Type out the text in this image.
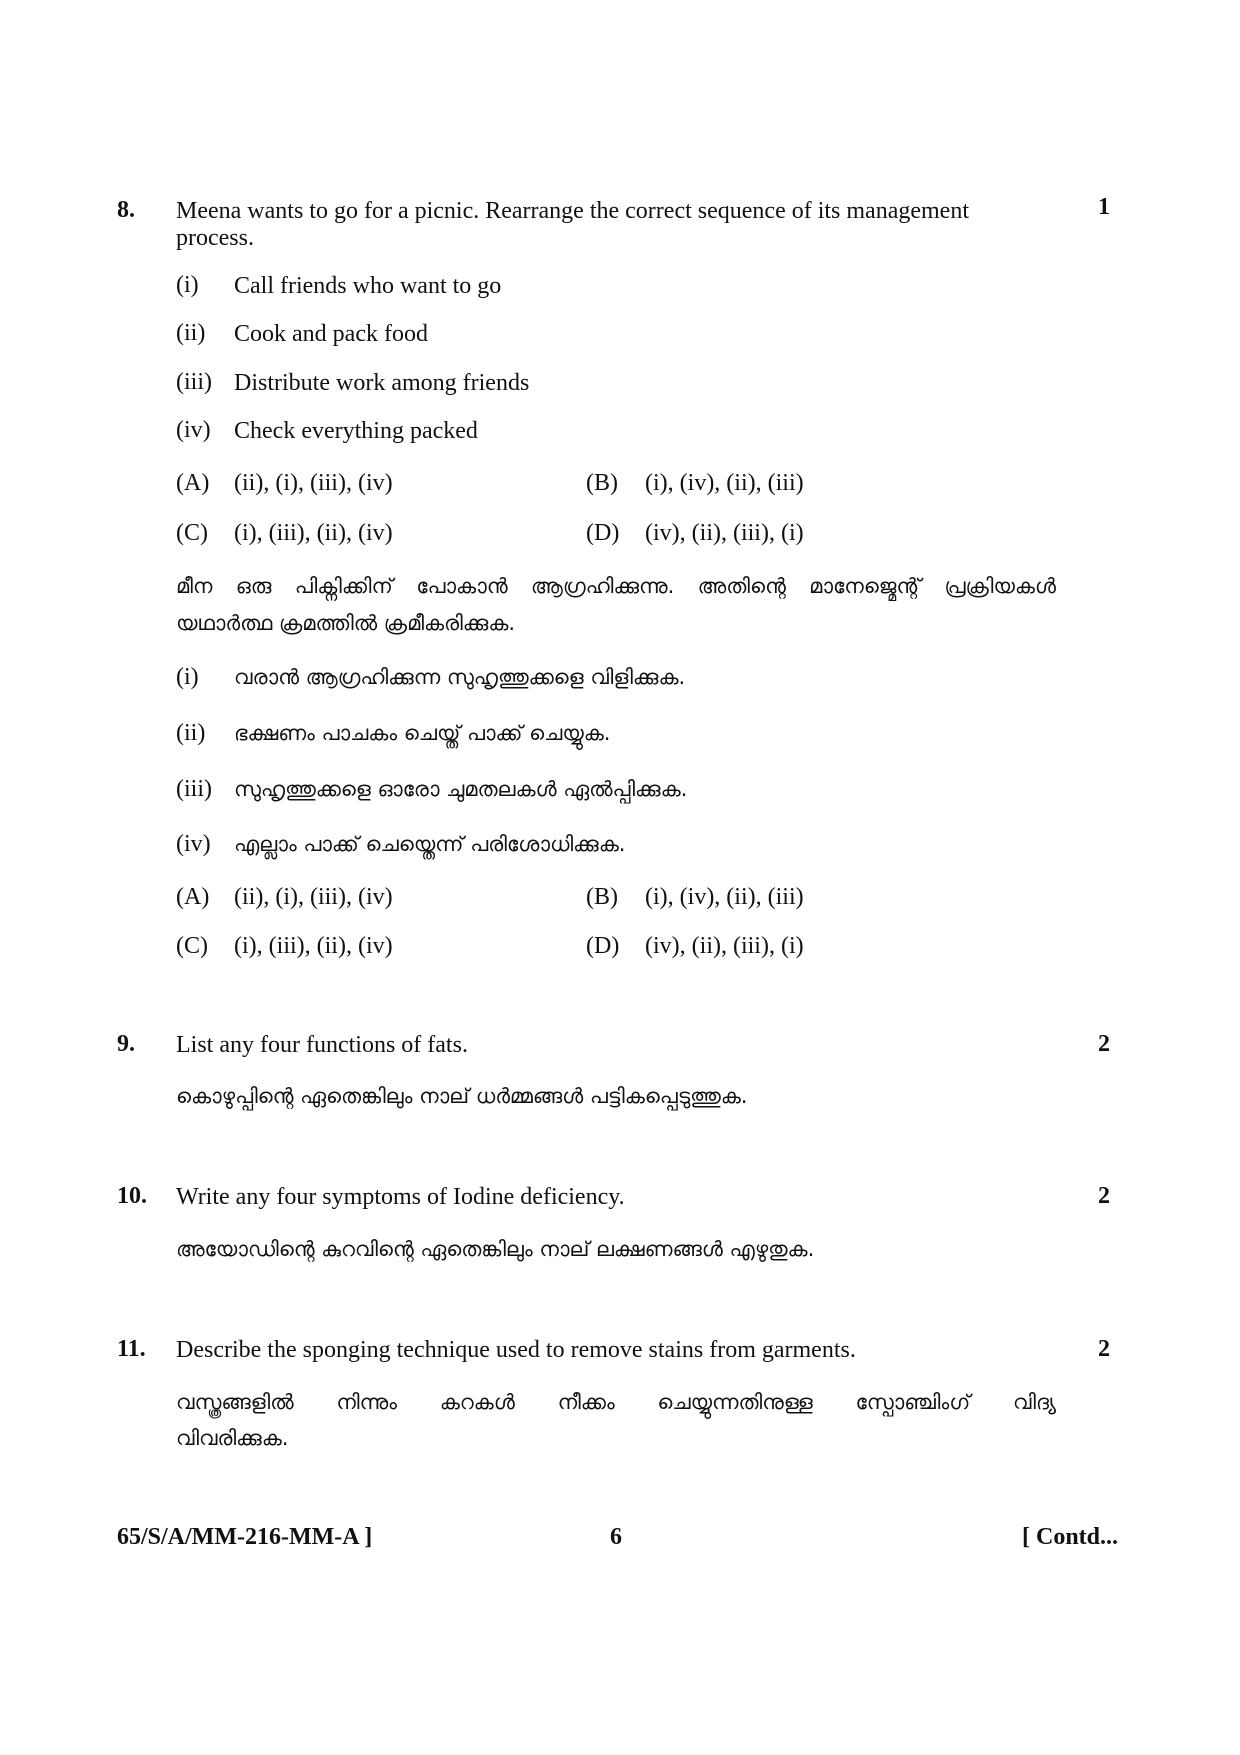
8.	1
Meena wants to go for a picnic. Rearrange the correct sequence of its management
process.
(i) Call friends who want to go
(ii) Cook and pack food
(iii) Distribute work among friends
(iv) Check everything packed
(A) (ii), (i), (iii), (iv)	(B) (i), (iv), (ii), (iii)
(C) (i), (iii), (ii), (iv)	(D) (iv), (ii), (iii), (i)
മീന ഒരു പിക്നിക്കിന് പോകാൻ ആഗ്രഹിക്കുന്നു. അതിന്റെ മാനേജ്മെന്റ് പ്രക്രിയകൾ
യഥാർത്ഥ ക്രമത്തിൽ ക്രമീകരിക്കുക.
(i) വരാൻ ആഗ്രഹിക്കുന്ന സുഹൃത്തുക്കളെ വിളിക്കുക.
(ii) ഭക്ഷണം പാചകം ചെയ്ത് പാക്ക് ചെയ്യുക.
(iii) സുഹൃത്തുക്കളെ ഓരോ ചുമതലകൾ ഏൽപ്പിക്കുക.
(iv) എല്ലാം പാക്ക് ചെയ്തെന്ന് പരിശോധിക്കുക.
(A) (ii), (i), (iii), (iv)	(B) (i), (iv), (ii), (iii)
(C) (i), (iii), (ii), (iv)	(D) (iv), (ii), (iii), (i)
9.	2
List any four functions of fats.
കൊഴുപ്പിന്റെ ഏതെങ്കിലും നാല് ധർമ്മങ്ങൾ പട്ടികപ്പെടുത്തുക.
10.	2
Write any four symptoms of Iodine deficiency.
അയോഡിന്റെ കുറവിന്റെ ഏതെങ്കിലും നാല് ലക്ഷണങ്ങൾ എഴുതുക.
11.	2
Describe the sponging technique used to remove stains from garments.
വസ്ത്രങ്ങളിൽ നിന്നും കറകൾ നീക്കം ചെയ്യുന്നതിനുള്ള സ്പോഞ്ചിംഗ് വിദ്യ
വിവരിക്കുക.
65/S/A/MM-216-MM-A ]	6	[ Contd...
